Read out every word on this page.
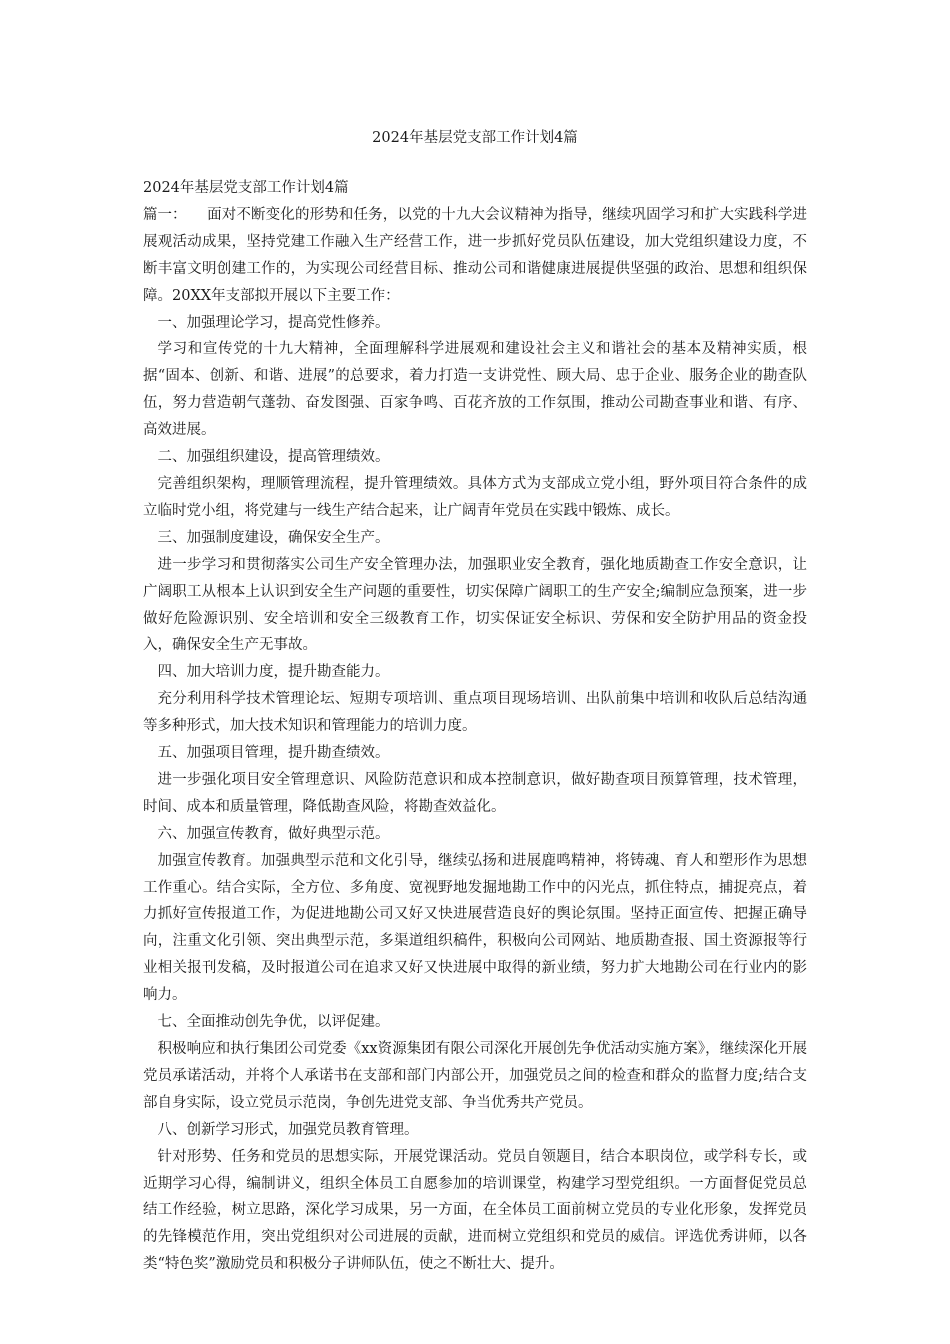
2024年基层党支部工作计划4篇

2024年基层党支部工作计划4篇

篇一： 面对不断变化的形势和任务，以党的十九大会议精神为指导，继续巩固学习和扩大实践科学进展观活动成果，坚持党建工作融入生产经营工作，进一步抓好党员队伍建设，加大党组织建设力度，不断丰富文明创建工作的，为实现公司经营目标、推动公司和谐健康进展提供坚强的政治、思想和组织保障。20XX年支部拟开展以下主要工作：

一、加强理论学习，提高党性修养。

学习和宣传党的十九大精神，全面理解科学进展观和建设社会主义和谐社会的基本及精神实质，根据“固本、创新、和谐、进展”的总要求，着力打造一支讲党性、顾大局、忠于企业、服务企业的勘查队伍，努力营造朝气蓬勃、奋发图强、百家争鸣、百花齐放的工作氛围，推动公司勘查事业和谐、有序、高效进展。

二、加强组织建设，提高管理绩效。

完善组织架构，理顺管理流程，提升管理绩效。具体方式为支部成立党小组，野外项目符合条件的成立临时党小组，将党建与一线生产结合起来，让广阔青年党员在实践中锻炼、成长。

三、加强制度建设，确保安全生产。

进一步学习和贯彻落实公司生产安全管理办法，加强职业安全教育，强化地质勘查工作安全意识，让广阔职工从根本上认识到安全生产问题的重要性，切实保障广阔职工的生产安全;编制应急预案，进一步做好危险源识别、安全培训和安全三级教育工作，切实保证安全标识、劳保和安全防护用品的资金投入，确保安全生产无事故。

四、加大培训力度，提升勘查能力。

充分利用科学技术管理论坛、短期专项培训、重点项目现场培训、出队前集中培训和收队后总结沟通等多种形式，加大技术知识和管理能力的培训力度。

五、加强项目管理，提升勘查绩效。

进一步强化项目安全管理意识、风险防范意识和成本控制意识，做好勘查项目预算管理，技术管理，时间、成本和质量管理，降低勘查风险，将勘查效益化。

六、加强宣传教育，做好典型示范。

加强宣传教育。加强典型示范和文化引导，继续弘扬和进展鹿鸣精神，将铸魂、育人和塑形作为思想工作重心。结合实际，全方位、多角度、宽视野地发掘地勘工作中的闪光点，抓住特点，捕捉亮点，着力抓好宣传报道工作，为促进地勘公司又好又快进展营造良好的舆论氛围。坚持正面宣传、把握正确导向，注重文化引领、突出典型示范，多渠道组织稿件，积极向公司网站、地质勘查报、国土资源报等行业相关报刊发稿，及时报道公司在追求又好又快进展中取得的新业绩，努力扩大地勘公司在行业内的影响力。

七、全面推动创先争优，以评促建。

积极响应和执行集团公司党委《xx资源集团有限公司深化开展创先争优活动实施方案》，继续深化开展党员承诺活动，并将个人承诺书在支部和部门内部公开，加强党员之间的检查和群众的监督力度;结合支部自身实际，设立党员示范岗，争创先进党支部、争当优秀共产党员。

八、创新学习形式，加强党员教育管理。

针对形势、任务和党员的思想实际，开展党课活动。党员自领题目，结合本职岗位，或学科专长，或近期学习心得，编制讲义，组织全体员工自愿参加的培训课堂，构建学习型党组织。一方面督促党员总结工作经验，树立思路，深化学习成果，另一方面，在全体员工面前树立党员的专业化形象，发挥党员的先锋模范作用，突出党组织对公司进展的贡献，进而树立党组织和党员的威信。评选优秀讲师，以各类“特色奖”激励党员和积极分子讲师队伍，使之不断壮大、提升。
